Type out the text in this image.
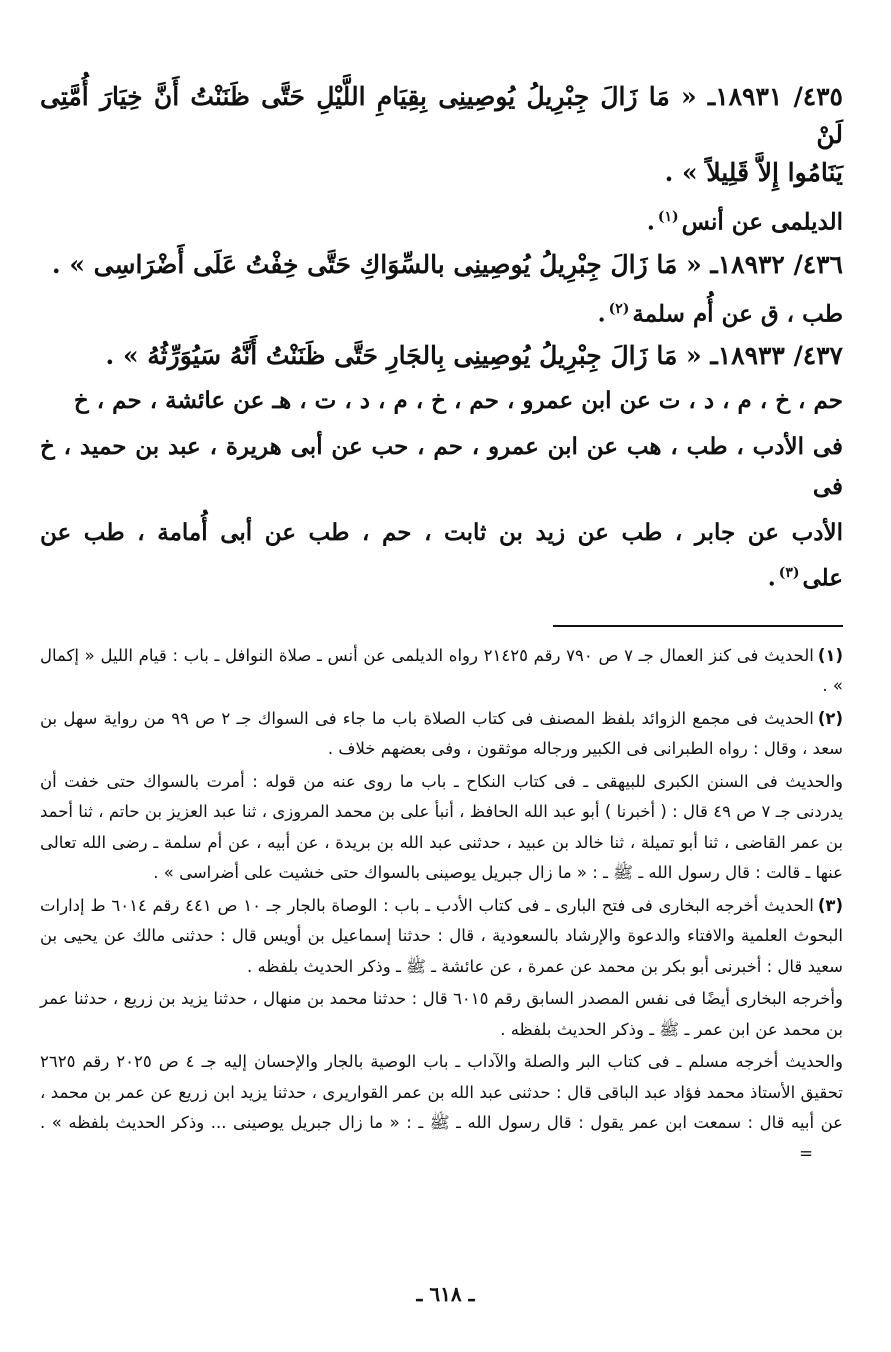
٤٣٥/ ١٨٩٣١ـ « مَا زَالَ جِبْرِيلُ يُوصِينِى بِقِيَامِ اللَّيْلِ حَتَّى ظَنَنْتُ أَنَّ خِيَارَ أُمَّتِى لَنْ

يَنَامُوا إِلاَّ قَلِيلاً » .

الديلمى عن أنس$^{(١)}$.

٤٣٦/ ١٨٩٣٢ـ « مَا زَالَ جِبْرِيلُ يُوصِينِى بالسِّوَاكِ حَتَّى خِفْتُ عَلَى أَضْرَاسِى » .

طب ، ق عن أُم سلمة$^{(٢)}$.

٤٣٧/ ١٨٩٣٣ـ « مَا زَالَ جِبْرِيلُ يُوصِينِى بِالجَارِ حَتَّى ظَنَنْتُ أَنَّهُ سَيُوَرِّثُهُ » .

حم ، خ ، م ، د ، ت عن ابن عمرو ، حم ، خ ، م ، د ، ت ، هـ عن عائشة ، حم ، خ

فى الأدب ، طب ، هب عن ابن عمرو ، حم ، حب عن أبى هريرة ، عبد بن حميد ، خ فى

الأدب عن جابر ، طب عن زيد بن ثابت ، حم ، طب عن أبى أُمامة ، طب عن على$^{(٣)}$.

(١)الحديث فى كنز العمال جـ ٧ ص ٧٩٠ رقم ٢١٤٢٥ رواه الديلمى عن أنس ـ صلاة النوافل ـ باب : قيام الليل « إكمال » .

(٢)الحديث فى مجمع الزوائد بلفظ المصنف فى كتاب الصلاة باب ما جاء فى السواك جـ ٢ ص ٩٩ من رواية سهل بن سعد ، وقال : رواه الطبرانى فى الكبير ورجاله موثقون ، وفى بعضهم خلاف .

والحديث فى السنن الكبرى للبيهقى ـ فى كتاب النكاح ـ باب ما روى عنه من قوله : أمرت بالسواك حتى خفت أن يدردنى جـ ٧ ص ٤٩ قال : ( أخبرنا ) أبو عبد الله الحافظ ، أنبأ على بن محمد المروزى ، ثنا عبد العزيز بن حاتم ، ثنا أحمد بن عمر القاضى ، ثنا أبو تميلة ، ثنا خالد بن عبيد ، حدثنى عبد الله بن بريدة ، عن أبيه ، عن أم سلمة ـ رضى الله تعالى عنها ـ قالت : قال رسول الله ـ ﷺ ـ : « ما زال جبريل يوصينى بالسواك حتى خشيت على أضراسى » .

(٣)الحديث أخرجه البخارى فى فتح البارى ـ فى كتاب الأدب ـ باب : الوصاة بالجار جـ ١٠ ص ٤٤١ رقم ٦٠١٤ ط إدارات البحوث العلمية والافتاء والدعوة والإرشاد بالسعودية ، قال : حدثنا إسماعيل بن أويس قال : حدثنى مالك عن يحيى بن سعيد قال : أخبرنى أبو بكر بن محمد عن عمرة ، عن عائشة ـ ﷺ ـ وذكر الحديث بلفظه .

وأخرجه البخارى أيضًا فى نفس المصدر السابق رقم ٦٠١٥ قال : حدثنا محمد بن منهال ، حدثنا يزيد بن زريع ، حدثنا عمر بن محمد عن ابن عمر ـ ﷺ ـ وذكر الحديث بلفظه .

والحديث أخرجه مسلم ـ فى كتاب البر والصلة والآداب ـ باب الوصية بالجار والإحسان إليه جـ ٤ ص ٢٠٢٥ رقم ٢٦٢٥ تحقيق الأستاذ محمد فؤاد عبد الباقى قال : حدثنى عبد الله بن عمر القواريرى ، حدثنا يزيد ابن زريع عن عمر بن محمد ، عن أبيه قال : سمعت ابن عمر يقول : قال رسول الله ـ ﷺ ـ : « ما زال جبريل يوصينى ... وذكر الحديث بلفظه » . =

ـ ٦١٨ ـ
